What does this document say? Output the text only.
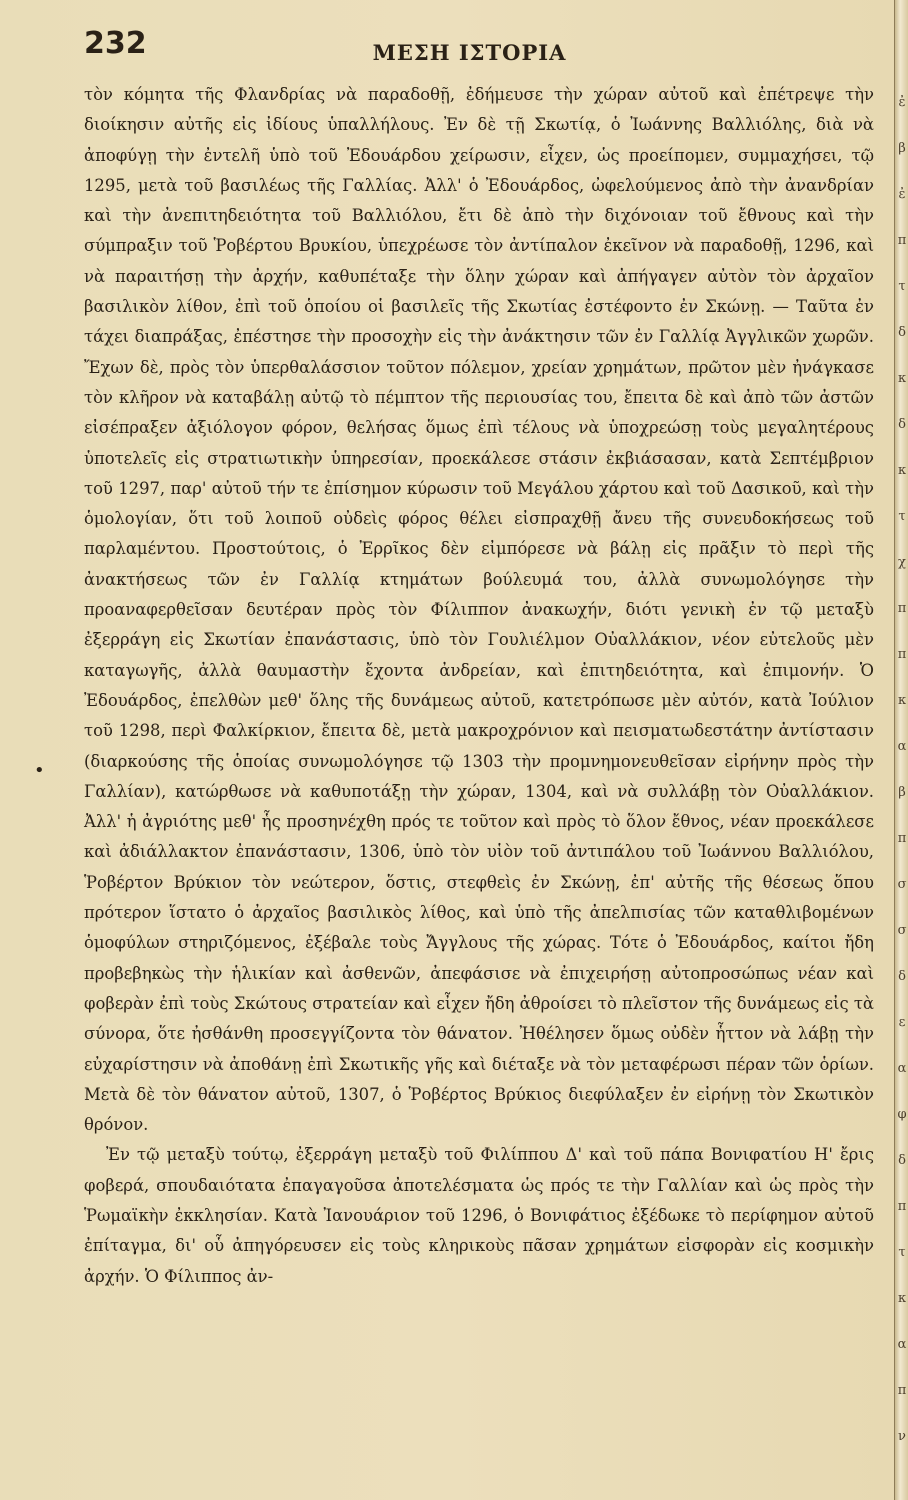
232	ΜΕΣΗ ΙΣΤΟΡΙΑ
•

τὸν κόμητα τῆς Φλανδρίας νὰ παραδοθῇ, ἐδήμευσε τὴν χώραν αὐτοῦ καὶ ἐπέτρεψε τὴν διοίκησιν αὐτῆς εἰς ἰδίους ὑπαλλήλους. Ἐν δὲ τῇ Σκωτίᾳ, ὁ Ἰωάννης Βαλλιόλης, διὰ νὰ ἀποφύγῃ τὴν ἐντελῆ ὑπὸ τοῦ Ἐδουάρδου χείρωσιν, εἶχεν, ὡς προείπομεν, συμμαχήσει, τῷ 1295, μετὰ τοῦ βασιλέως τῆς Γαλλίας. Ἀλλ' ὁ Ἐδουάρδος, ὠφελούμενος ἀπὸ τὴν ἀνανδρίαν καὶ τὴν ἀνεπιτηδειότητα τοῦ Βαλλιόλου, ἔτι δὲ ἀπὸ τὴν διχόνοιαν τοῦ ἔθνους καὶ τὴν σύμπραξιν τοῦ Ῥοβέρτου Βρυκίου, ὑπεχρέωσε τὸν ἀντίπαλον ἐκεῖνον νὰ παραδοθῇ, 1296, καὶ νὰ παραιτήσῃ τὴν ἀρχήν, καθυπέταξε τὴν ὅλην χώραν καὶ ἀπήγαγεν αὐτὸν τὸν ἀρχαῖον βασιλικὸν λίθον, ἐπὶ τοῦ ὁποίου οἱ βασιλεῖς τῆς Σκωτίας ἐστέφοντο ἐν Σκώνῃ. — Ταῦτα ἐν τάχει διαπράξας, ἐπέστησε τὴν προσοχὴν εἰς τὴν ἀνάκτησιν τῶν ἐν Γαλλίᾳ Ἀγγλικῶν χωρῶν. Ἔχων δὲ, πρὸς τὸν ὑπερθαλάσσιον τοῦτον πόλεμον, χρείαν χρημάτων, πρῶτον μὲν ἠνάγκασε τὸν κλῆρον νὰ καταβάλῃ αὐτῷ τὸ πέμπτον τῆς περιουσίας του, ἔπειτα δὲ καὶ ἀπὸ τῶν ἀστῶν εἰσέπραξεν ἀξιόλογον φόρον, θελήσας ὅμως ἐπὶ τέλους νὰ ὑποχρεώσῃ τοὺς μεγαλητέρους ὑποτελεῖς εἰς στρατιωτικὴν ὑπηρεσίαν, προεκάλεσε στάσιν ἐκβιάσασαν, κατὰ Σεπτέμβριον τοῦ 1297, παρ' αὐτοῦ τήν τε ἐπίσημον κύρωσιν τοῦ Μεγάλου χάρτου καὶ τοῦ Δασικοῦ, καὶ τὴν ὁμολογίαν, ὅτι τοῦ λοιποῦ οὐδεὶς φόρος θέλει εἰσπραχθῇ ἄνευ τῆς συνευδοκήσεως τοῦ παρλαμέντου. Προστούτοις, ὁ Ἐρρῖκος δὲν εἰμπόρεσε νὰ βάλῃ εἰς πρᾶξιν τὸ περὶ τῆς ἀνακτήσεως τῶν ἐν Γαλλίᾳ κτημάτων βούλευμά του, ἀλλὰ συνωμολόγησε τὴν προαναφερθεῖσαν δευτέραν πρὸς τὸν Φίλιππον ἀνακωχήν, διότι γενικὴ ἐν τῷ μεταξὺ ἐξερράγη εἰς Σκωτίαν ἐπανάστασις, ὑπὸ τὸν Γουλιέλμον Οὐαλλάκιον, νέον εὐτελοῦς μὲν καταγωγῆς, ἀλλὰ θαυμαστὴν ἔχοντα ἀνδρείαν, καὶ ἐπιτηδειότητα, καὶ ἐπιμονήν. Ὁ Ἐδουάρδος, ἐπελθὼν μεθ' ὅλης τῆς δυνάμεως αὐτοῦ, κατετρόπωσε μὲν αὐτόν, κατὰ Ἰούλιον τοῦ 1298, περὶ Φαλκίρκιον, ἔπειτα δὲ, μετὰ μακροχρόνιον καὶ πεισματωδεστάτην ἀντίστασιν (διαρκούσης τῆς ὁποίας συνωμολόγησε τῷ 1303 τὴν προμνημονευθεῖσαν εἰρήνην πρὸς τὴν Γαλλίαν), κατώρθωσε νὰ καθυποτάξῃ τὴν χώραν, 1304, καὶ νὰ συλλάβῃ τὸν Οὐαλλάκιον. Ἀλλ' ἡ ἀγριότης μεθ' ἧς προσηνέχθη πρός τε τοῦτον καὶ πρὸς τὸ ὅλον ἔθνος, νέαν προεκάλεσε καὶ ἀδιάλλακτον ἐπανάστασιν, 1306, ὑπὸ τὸν υἱὸν τοῦ ἀντιπάλου τοῦ Ἰωάννου Βαλλιόλου, Ῥοβέρτον Βρύκιον τὸν νεώτερον, ὅστις, στεφθεὶς ἐν Σκώνῃ, ἐπ' αὐτῆς τῆς θέσεως ὅπου πρότερον ἵστατο ὁ ἀρχαῖος βασιλικὸς λίθος, καὶ ὑπὸ τῆς ἀπελπισίας τῶν καταθλιβομένων ὁμοφύλων στηριζόμενος, ἐξέβαλε τοὺς Ἄγγλους τῆς χώρας. Τότε ὁ Ἐδουάρδος, καίτοι ἤδη προβεβηκὼς τὴν ἡλικίαν καὶ ἀσθενῶν, ἀπεφάσισε νὰ ἐπιχειρήσῃ αὐτοπροσώπως νέαν καὶ φοβερὰν ἐπὶ τοὺς Σκώτους στρατείαν καὶ εἶχεν ἤδη ἀθροίσει τὸ πλεῖστον τῆς δυνάμεως εἰς τὰ σύνορα, ὅτε ἠσθάνθη προσεγγίζοντα τὸν θάνατον. Ἠθέλησεν ὅμως οὐδὲν ἧττον νὰ λάβῃ τὴν εὐχαρίστησιν νὰ ἀποθάνῃ ἐπὶ Σκωτικῆς γῆς καὶ διέταξε νὰ τὸν μεταφέρωσι πέραν τῶν ὁρίων. Μετὰ δὲ τὸν θάνατον αὐτοῦ, 1307, ὁ Ῥοβέρτος Βρύκιος διεφύλαξεν ἐν εἰρήνῃ τὸν Σκωτικὸν θρόνον.

Ἐν τῷ μεταξὺ τούτῳ, ἐξερράγη μεταξὺ τοῦ Φιλίππου Δ' καὶ τοῦ πάπα Βονιφατίου Η' ἔρις φοβερά, σπουδαιότατα ἐπαγαγοῦσα ἀποτελέσματα ὡς πρός τε τὴν Γαλλίαν καὶ ὡς πρὸς τὴν Ῥωμαϊκὴν ἐκκλησίαν. Κατὰ Ἰανουάριον τοῦ 1296, ὁ Βονιφάτιος ἐξέδωκε τὸ περίφημον αὐτοῦ ἐπίταγμα, δι' οὗ ἀπηγόρευσεν εἰς τοὺς κληρικοὺς πᾶσαν χρημάτων εἰσφορὰν εἰς κοσμικὴν ἀρχήν. Ὁ Φίλιππος ἀν-

ἐ
β
ἐ
π
τ
δ
κ
δ
κ
τ
χ
π
π
κ
α
β
π
σ
σ
δ
ε
α
φ
δ
π
τ
κ
α
π
ν
